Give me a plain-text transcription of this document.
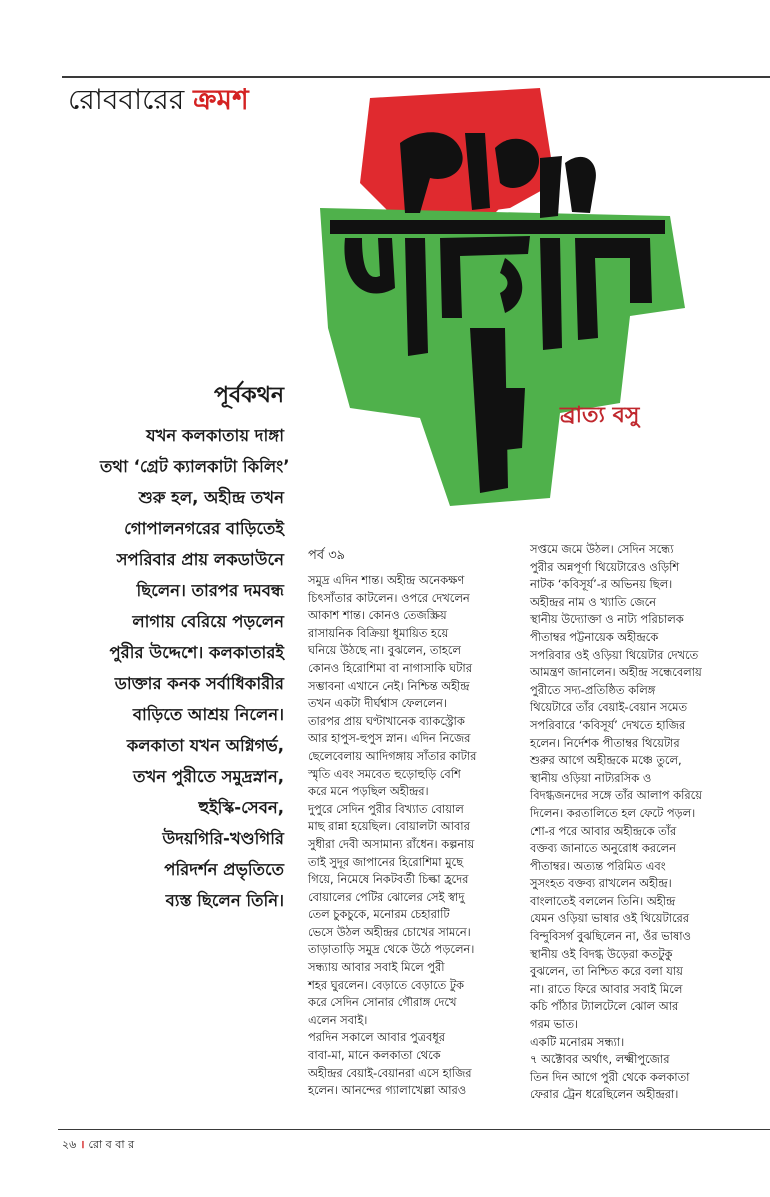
রোববারের ক্রমশ
ব্রাত্য বসু
পূর্বকথন
যখন কলকাতায় দাঙ্গা
তথা ‘গ্রেট ক্যালকাটা কিলিং’
শুরু হল, অহীন্দ্র তখন
গোপালনগরের বাড়িতেই
সপরিবার প্রায় লকডাউনে
ছিলেন। তারপর দমবন্ধ
লাগায় বেরিয়ে পড়লেন
পুরীর উদ্দেশে। কলকাতারই
ডাক্তার কনক সর্বাধিকারীর
বাড়িতে আশ্রয় নিলেন।
কলকাতা যখন অগ্নিগর্ভ,
তখন পুরীতে সমুদ্রস্নান,
হুইস্কি-সেবন,
উদয়গিরি-খণ্ডগিরি
পরিদর্শন প্রভৃতিতে
ব্যস্ত ছিলেন তিনি।
পর্ব ৩৯
সমুদ্র এদিন শান্ত। অহীন্দ্র অনেকক্ষণ
চিৎসাঁতার কাটলেন। ওপরে দেখলেন
আকাশ শান্ত। কোনও তেজস্ক্রিয়
রাসায়নিক বিক্রিয়া ধূমায়িত হয়ে
ঘনিয়ে উঠছে না। বুঝলেন, তাহলে
কোনও হিরোশিমা বা নাগাসাকি ঘটার
সম্ভাবনা এখানে নেই। নিশ্চিন্ত অহীন্দ্র
তখন একটা দীর্ঘশ্বাস ফেললেন।
তারপর প্রায় ঘণ্টাখানেক ব্যাকস্ট্রোক
আর হাপুস-হুপুস স্নান। এদিন নিজের
ছেলেবেলায় আদিগঙ্গায় সাঁতার কাটার
স্মৃতি এবং সমবেত হুড়োহুড়ি বেশি
করে মনে পড়ছিল অহীন্দ্রর।
দুপুরে সেদিন পুরীর বিখ্যাত বোয়াল
মাছ রান্না হয়েছিল। বোয়ালটা আবার
সুধীরা দেবী অসামান্য রাঁধেন। কল্পনায়
তাই সুদূর জাপানের হিরোশিমা মুছে
গিয়ে, নিমেষে নিকটবর্তী চিল্কা হ্রদের
বোয়ালের পেটির ঝোলের সেই স্বাদু
তেল চুকচুকে, মনোরম চেহারাটি
ভেসে উঠল অহীন্দ্রর চোখের সামনে।
তাড়াতাড়ি সমুদ্র থেকে উঠে পড়লেন।
সন্ধ্যায় আবার সবাই মিলে পুরী
শহর ঘুরলেন। বেড়াতে বেড়াতে টুক
করে সেদিন সোনার গৌরাঙ্গ দেখে
এলেন সবাই।
পরদিন সকালে আবার পুত্রবধূর
বাবা-মা, মানে কলকাতা থেকে
অহীন্দ্রর বেয়াই-বেয়ানরা এসে হাজির
হলেন। আনন্দের গ্যালাখেল্লা আরও
সপ্তমে জমে উঠল। সেদিন সন্ধ্যে
পুরীর অন্নপূর্ণা থিয়েটারেও ওড়িশি
নাটক ‘কবিসূর্য’-র অভিনয় ছিল।
অহীন্দ্রর নাম ও খ্যাতি জেনে
স্থানীয় উদ্যোক্তা ও নাট্য পরিচালক
পীতাম্বর পট্টনায়েক অহীন্দ্রকে
সপরিবার ওই ওড়িয়া থিয়েটার দেখতে
আমন্ত্রণ জানালেন। অহীন্দ্র সন্ধেবেলায়
পুরীতে সদ্য-প্রতিষ্ঠিত কলিঙ্গ
থিয়েটারে তাঁর বেয়াই-বেয়ান সমেত
সপরিবারে ‘কবিসূর্য’ দেখতে হাজির
হলেন। নির্দেশক পীতাম্বর থিয়েটার
শুরুর আগে অহীন্দ্রকে মঞ্চে তুলে,
স্থানীয় ওড়িয়া নাট্যরসিক ও
বিদগ্ধজনদের সঙ্গে তাঁর আলাপ করিয়ে
দিলেন। করতালিতে হল ফেটে পড়ল।
শো-র পরে আবার অহীন্দ্রকে তাঁর
বক্তব্য জানাতে অনুরোধ করলেন
পীতাম্বর। অত্যন্ত পরিমিত এবং
সুসংহত বক্তব্য রাখলেন অহীন্দ্র।
বাংলাতেই বললেন তিনি। অহীন্দ্র
যেমন ওড়িয়া ভাষার ওই থিয়েটারের
বিন্দুবিসর্গ বুঝছিলেন না, ওঁর ভাষাও
স্থানীয় ওই বিদগ্ধ উড়েরা কতটুকু
বুঝলেন, তা নিশ্চিত করে বলা যায়
না। রাতে ফিরে আবার সবাই মিলে
কচি পাঁঠার ট্যালটেলে ঝোল আর
গরম ভাত।
একটি মনোরম সন্ধ্যা।
৭ অক্টোবর অর্থাৎ, লক্ষ্মীপুজোর
তিন দিন আগে পুরী থেকে কলকাতা
ফেরার ট্রেন ধরেছিলেন অহীন্দ্ররা।
২৬ । রো ব বা র
